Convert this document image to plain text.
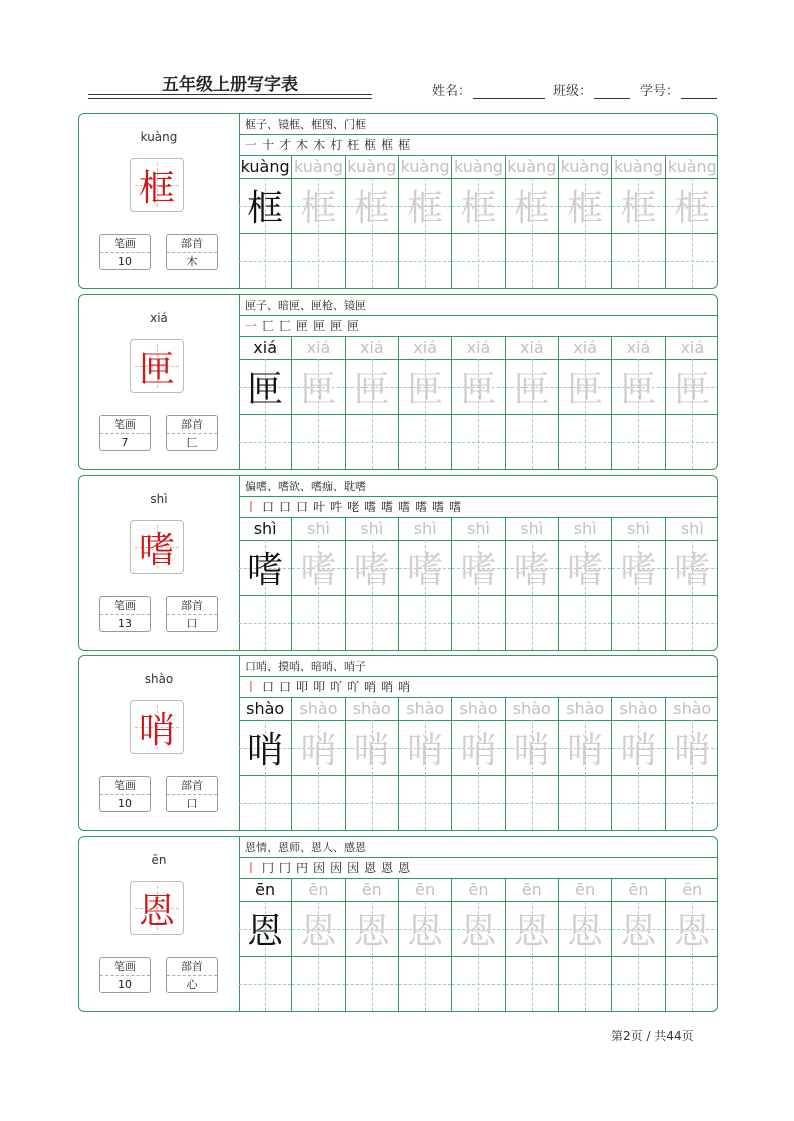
五年级上册写字表	姓名：	班级：	学号：
kuàng
框
笔画
10
部首
木
框子、镜框、框图、门框
一 十 才 木 木 朾 枉 框 框 框
kuàng
框
kuàng
框
kuàng
框
kuàng
框
kuàng
框
kuàng
框
kuàng
框
kuàng
框
kuàng
框
xiá
匣
笔画
7
部首
匚
匣子、暗匣、匣枪、镜匣
一 匸 匸 匣 匣 匣 匣
xiá
匣
xiá
匣
xiá
匣
xiá
匣
xiá
匣
xiá
匣
xiá
匣
xiá
匣
xiá
匣
shì
嗜
笔画
13
部首
口
偏嗜、嗜欲、嗜痂、耽嗜
丨 口 口 口 叶 吽 咾 嗜 嗜 嗜 嗜 嗜 嗜
shì
嗜
shì
嗜
shì
嗜
shì
嗜
shì
嗜
shì
嗜
shì
嗜
shì
嗜
shì
嗜
shào
哨
笔画
10
部首
口
口哨、摸哨、暗哨、哨子
丨 口 口 叩 叩 吖 吖 哨 哨 哨
shào
哨
shào
哨
shào
哨
shào
哨
shào
哨
shào
哨
shào
哨
shào
哨
shào
哨
ēn
恩
笔画
10
部首
心
恩情、恩师、恩人、感恩
丨 冂 冂 円 因 因 因 恩 恩 恩
ēn
恩
ēn
恩
ēn
恩
ēn
恩
ēn
恩
ēn
恩
ēn
恩
ēn
恩
ēn
恩
第2页 / 共44页
